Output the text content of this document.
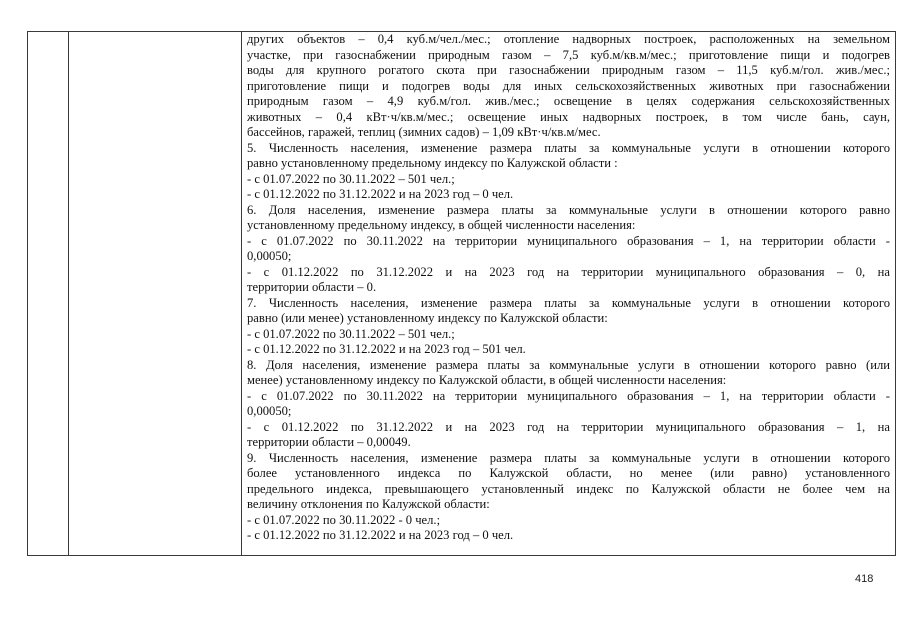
других объектов – 0,4 куб.м/чел./мес.; отопление надворных построек, расположенных на земельном
участке, при газоснабжении природным газом – 7,5 куб.м/кв.м/мес.; приготовление пищи и подогрев
воды для крупного рогатого скота при газоснабжении природным газом – 11,5 куб.м/гол. жив./мес.;
приготовление пищи и подогрев воды для иных сельскохозяйственных животных при газоснабжении
природным газом – 4,9 куб.м/гол. жив./мес.; освещение в целях содержания сельскохозяйственных
животных – 0,4 кВт·ч/кв.м/мес.; освещение иных надворных построек, в том числе бань, саун,
бассейнов, гаражей, теплиц (зимних садов) – 1,09 кВт·ч/кв.м/мес.
5. Численность населения, изменение размера платы за коммунальные услуги в отношении которого
равно установленному предельному индексу по Калужской области :
- с 01.07.2022 по 30.11.2022 – 501 чел.;
- с 01.12.2022 по 31.12.2022 и на 2023 год – 0 чел.
6. Доля населения, изменение размера платы за коммунальные услуги в отношении которого равно
установленному предельному индексу, в общей численности населения:
- с 01.07.2022 по 30.11.2022 на территории муниципального образования – 1, на территории области -
0,00050;
- с 01.12.2022 по 31.12.2022 и на 2023 год на территории муниципального образования – 0, на
территории области – 0.
7. Численность населения, изменение размера платы за коммунальные услуги в отношении которого
равно (или менее) установленному индексу по Калужской области:
- с 01.07.2022 по 30.11.2022 – 501 чел.;
- с 01.12.2022 по 31.12.2022 и на 2023 год – 501 чел.
8. Доля населения, изменение размера платы за коммунальные услуги в отношении которого равно (или
менее) установленному индексу по Калужской области, в общей численности населения:
- с 01.07.2022 по 30.11.2022 на территории муниципального образования – 1, на территории области -
0,00050;
- с 01.12.2022 по 31.12.2022 и на 2023 год на территории муниципального образования – 1, на
территории области – 0,00049.
9. Численность населения, изменение размера платы за коммунальные услуги в отношении которого
более установленного индекса по Калужской области, но менее (или равно) установленного
предельного индекса, превышающего установленный индекс по Калужской области не более чем на
величину отклонения по Калужской области:
- с 01.07.2022 по 30.11.2022 - 0 чел.;
- с 01.12.2022 по 31.12.2022 и на 2023 год – 0 чел.
418
